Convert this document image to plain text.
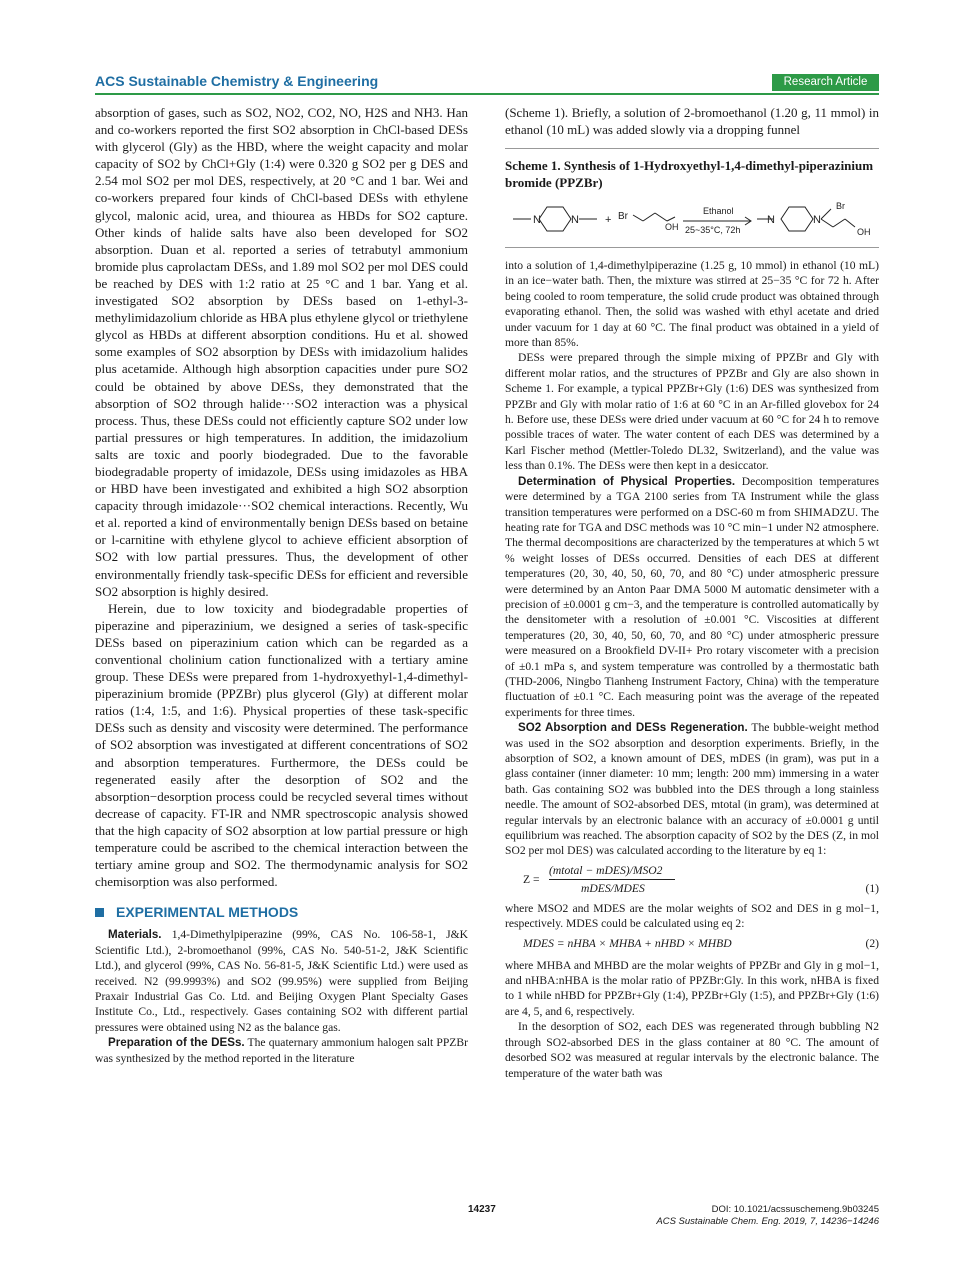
ACS Sustainable Chemistry & Engineering	Research Article

absorption of gases, such as SO2, NO2, CO2, NO, H2S and NH3. Han and co-workers reported the first SO2 absorption in ChCl-based DESs with glycerol (Gly) as the HBD, where the weight capacity and molar capacity of SO2 by ChCl+Gly (1:4) were 0.320 g SO2 per g DES and 2.54 mol SO2 per mol DES, respectively, at 20 °C and 1 bar. Wei and co-workers prepared four kinds of ChCl-based DESs with ethylene glycol, malonic acid, urea, and thiourea as HBDs for SO2 capture. Other kinds of halide salts have also been developed for SO2 absorption. Duan et al. reported a series of tetrabutyl ammonium bromide plus caprolactam DESs, and 1.89 mol SO2 per mol DES could be reached by DES with 1:2 ratio at 25 °C and 1 bar. Yang et al. investigated SO2 absorption by DESs based on 1-ethyl-3-methylimidazolium chloride as HBA plus ethylene glycol or triethylene glycol as HBDs at different absorption conditions. Hu et al. showed some examples of SO2 absorption by DESs with imidazolium halides plus acetamide. Although high absorption capacities under pure SO2 could be obtained by above DESs, they demonstrated that the absorption of SO2 through halide···SO2 interaction was a physical process. Thus, these DESs could not efficiently capture SO2 under low partial pressures or high temperatures. In addition, the imidazolium salts are toxic and poorly biodegraded. Due to the favorable biodegradable property of imidazole, DESs using imidazoles as HBA or HBD have been investigated and exhibited a high SO2 absorption capacity through imidazole···SO2 chemical interactions. Recently, Wu et al. reported a kind of environmentally benign DESs based on betaine or l-carnitine with ethylene glycol to achieve efficient absorption of SO2 with low partial pressures. Thus, the development of other environmentally friendly task-specific DESs for efficient and reversible SO2 absorption is highly desired.

Herein, due to low toxicity and biodegradable properties of piperazine and piperazinium, we designed a series of task-specific DESs based on piperazinium cation which can be regarded as a conventional cholinium cation functionalized with a tertiary amine group. These DESs were prepared from 1-hydroxyethyl-1,4-dimethyl-piperazinium bromide (PPZBr) plus glycerol (Gly) at different molar ratios (1:4, 1:5, and 1:6). Physical properties of these task-specific DESs such as density and viscosity were determined. The performance of SO2 absorption was investigated at different concentrations of SO2 and absorption temperatures. Furthermore, the DESs could be regenerated easily after the desorption of SO2 and the absorption−desorption process could be recycled several times without decrease of capacity. FT-IR and NMR spectroscopic analysis showed that the high capacity of SO2 absorption at low partial pressure or high temperature could be ascribed to the chemical interaction between the tertiary amine group and SO2. The thermodynamic analysis for SO2 chemisorption was also performed.

EXPERIMENTAL METHODS

Materials. 1,4-Dimethylpiperazine (99%, CAS No. 106-58-1, J&K Scientific Ltd.), 2-bromoethanol (99%, CAS No. 540-51-2, J&K Scientific Ltd.), and glycerol (99%, CAS No. 56-81-5, J&K Scientific Ltd.) were used as received. N2 (99.9993%) and SO2 (99.95%) were supplied from Beijing Praxair Industrial Gas Co. Ltd. and Beijing Oxygen Plant Specialty Gases Institute Co., Ltd., respectively. Gases containing SO2 with different partial pressures were obtained using N2 as the balance gas.

Preparation of the DESs. The quaternary ammonium halogen salt PPZBr was synthesized by the method reported in the literature

(Scheme 1). Briefly, a solution of 2-bromoethanol (1.20 g, 11 mmol) in ethanol (10 mL) was added slowly via a dropping funnel

Scheme 1. Synthesis of 1-Hydroxyethyl-1,4-dimethyl-piperazinium bromide (PPZBr)
N	N + Br
OH
Ethanol
25~35°C, 72h
N	N
Br
OH

into a solution of 1,4-dimethylpiperazine (1.25 g, 10 mmol) in ethanol (10 mL) in an ice−water bath. Then, the mixture was stirred at 25−35 °C for 72 h. After being cooled to room temperature, the solid crude product was obtained through evaporating ethanol. Then, the solid was washed with ethyl acetate and dried under vacuum for 1 day at 60 °C. The final product was obtained in a yield of more than 85%.

DESs were prepared through the simple mixing of PPZBr and Gly with different molar ratios, and the structures of PPZBr and Gly are also shown in Scheme 1. For example, a typical PPZBr+Gly (1:6) DES was synthesized from PPZBr and Gly with molar ratio of 1:6 at 60 °C in an Ar-filled glovebox for 24 h. Before use, these DESs were dried under vacuum at 60 °C for 24 h to remove possible traces of water. The water content of each DES was determined by a Karl Fischer method (Mettler-Toledo DL32, Switzerland), and the value was less than 0.1%. The DESs were then kept in a desiccator.

Determination of Physical Properties. Decomposition temperatures were determined by a TGA 2100 series from TA Instrument while the glass transition temperatures were performed on a DSC-60 m from SHIMADZU. The heating rate for TGA and DSC methods was 10 °C min−1 under N2 atmosphere. The thermal decompositions are characterized by the temperatures at which 5 wt % weight losses of DESs occurred. Densities of each DES at different temperatures (20, 30, 40, 50, 60, 70, and 80 °C) under atmospheric pressure were determined by an Anton Paar DMA 5000 M automatic densimeter with a precision of ±0.0001 g cm−3, and the temperature is controlled automatically by the densitometer with a resolution of ±0.001 °C. Viscosities at different temperatures (20, 30, 40, 50, 60, 70, and 80 °C) under atmospheric pressure were measured on a Brookfield DV-II+ Pro rotary viscometer with a precision of ±0.1 mPa s, and system temperature was controlled by a thermostatic bath (THD-2006, Ningbo Tianheng Instrument Factory, China) with the temperature fluctuation of ±0.1 °C. Each measuring point was the average of the repeated experiments for three times.

SO2 Absorption and DESs Regeneration. The bubble-weight method was used in the SO2 absorption and desorption experiments. Briefly, in the absorption of SO2, a known amount of DES, mDES (in gram), was put in a glass container (inner diameter: 10 mm; length: 200 mm) immersing in a water bath. Gas containing SO2 was bubbled into the DES through a long stainless needle. The amount of SO2-absorbed DES, mtotal (in gram), was determined at regular intervals by an electronic balance with an accuracy of ±0.0001 g until equilibrium was reached. The absorption capacity of SO2 by the DES (Z, in mol SO2 per mol DES) was calculated according to the literature by eq 1:

Z =
(mtotal − mDES)/MSO2
mDES/MDES	(1)

where MSO2 and MDES are the molar weights of SO2 and DES in g mol−1, respectively. MDES could be calculated using eq 2:

MDES = nHBA × MHBA + nHBD × MHBD	(2)

where MHBA and MHBD are the molar weights of PPZBr and Gly in g mol−1, and nHBA:nHBA is the molar ratio of PPZBr:Gly. In this work, nHBA is fixed to 1 while nHBD for PPZBr+Gly (1:4), PPZBr+Gly (1:5), and PPZBr+Gly (1:6) are 4, 5, and 6, respectively.

In the desorption of SO2, each DES was regenerated through bubbling N2 through SO2-absorbed DES in the glass container at 80 °C. The amount of desorbed SO2 was measured at regular intervals by the electronic balance. The temperature of the water bath was

14237	DOI: 10.1021/acssuschemeng.9b03245
ACS Sustainable Chem. Eng. 2019, 7, 14236−14246
